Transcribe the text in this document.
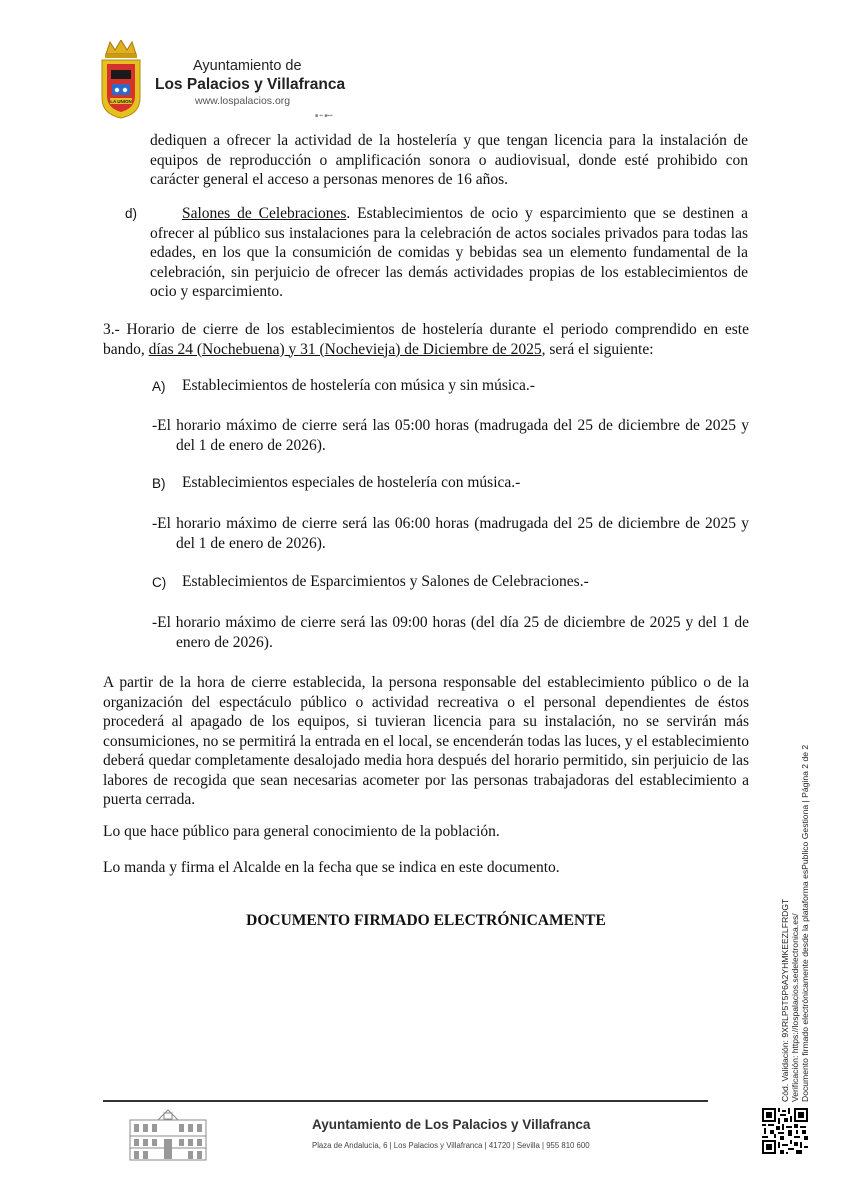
LA UNION
Ayuntamiento de
Los Palacios y Villafranca
www.lospalacios.org
■ ▪▪ ■▪▪▪
dediquen a ofrecer la actividad de la hostelería y que tengan licencia para la instalación de equipos de reproducción o amplificación sonora o audiovisual, donde esté prohibido con carácter general el acceso a personas menores de 16 años.
d)	Salones de Celebraciones. Establecimientos de ocio y esparcimiento que se destinen a ofrecer al público sus instalaciones para la celebración de actos sociales privados para todas las edades, en los que la consumición de comidas y bebidas sea un elemento fundamental de la celebración, sin perjuicio de ofrecer las demás actividades propias de los establecimientos de ocio y esparcimiento.
3.- Horario de cierre de los establecimientos de hostelería durante el periodo comprendido en este bando, días 24 (Nochebuena) y 31 (Nochevieja) de Diciembre de 2025, será el siguiente:
A) Establecimientos de hostelería con música y sin música.-
-El horario máximo de cierre será las 05:00 horas (madrugada del 25 de diciembre de 2025 y del 1 de enero de 2026).
B) Establecimientos especiales de hostelería con música.-
-El horario máximo de cierre será las 06:00 horas (madrugada del 25 de diciembre de 2025 y del 1 de enero de 2026).
C) Establecimientos de Esparcimientos y Salones de Celebraciones.-
-El horario máximo de cierre será las 09:00 horas (del día 25 de diciembre de 2025 y del 1 de enero de 2026).
A partir de la hora de cierre establecida, la persona responsable del establecimiento público o de la organización del espectáculo público o actividad recreativa o el personal dependientes de éstos procederá al apagado de los equipos, si tuvieran licencia para su instalación, no se servirán más consumiciones, no se permitirá la entrada en el local, se encenderán todas las luces, y el establecimiento deberá quedar completamente desalojado media hora después del horario permitido, sin perjuicio de las labores de recogida que sean necesarias acometer por las personas trabajadoras del establecimiento a puerta cerrada.
Lo que hace público para general conocimiento de la población.
Lo manda y firma el Alcalde en la fecha que se indica en este documento.
DOCUMENTO FIRMADO ELECTRÓNICAMENTE	Cód. Validación: 9XRLP5T5P6A2YHMKEEZLFRDGT Verificación: https://lospalacios.sedelectronica.es/ Documento firmado electrónicamente desde la plataforma esPublico Gestiona | Página 2 de 2
Ayuntamiento de Los Palacios y Villafranca
Plaza de Andalucía, 6 | Los Palacios y Villafranca | 41720 | Sevilla | 955 810 600
